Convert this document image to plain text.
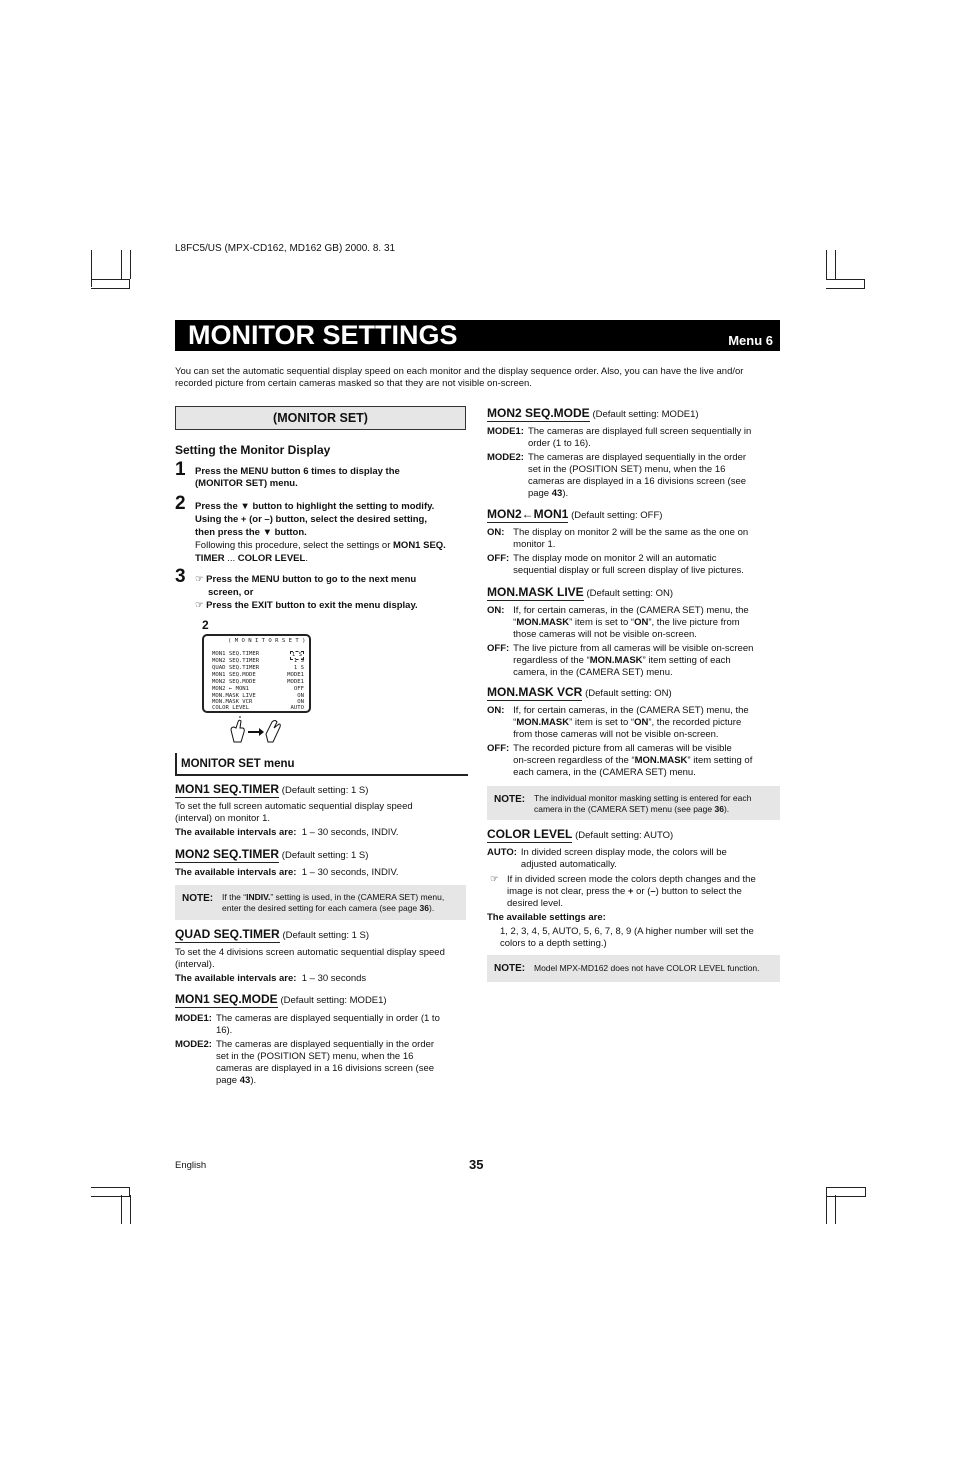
L8FC5/US (MPX-CD162, MD162 GB) 2000. 8. 31
MONITOR SETTINGS	Menu 6
You can set the automatic sequential display speed on each monitor and the display sequence order. Also, you can have the live and/or recorded picture from certain cameras masked so that they are not visible on-screen.
(MONITOR SET)
Setting the Monitor Display
1 Press the MENU button 6 times to display the
(MONITOR SET) menu.
2 Press the ▼ button to highlight the setting to modify.
Using the + (or –) button, select the desired setting,
then press the ▼ button.
Following this procedure, select the settings or MON1 SEQ.
TIMER ... COLOR LEVEL.
3 ☞ Press the MENU button to go to the next menu
screen, or
☞ Press the EXIT button to exit the menu display.
2
( M O N I T O R S E T )
MON1 SEQ.TIMER	1 S
MON2 SEQ.TIMER	1 S
QUAD SEQ.TIMER	1 S
MON1 SEQ.MODE	MODE1
MON2 SEQ.MODE	MODE1
MON2 ← MON1	OFF
MON.MASK LIVE	ON
MON.MASK VCR	ON
COLOR LEVEL	AUTO
MONITOR SET menu
MON1 SEQ.TIMER (Default setting: 1 S)
To set the full screen automatic sequential display speed
(interval) on monitor 1.
The available intervals are: 1 – 30 seconds, INDIV.
MON2 SEQ.TIMER (Default setting: 1 S)
The available intervals are: 1 – 30 seconds, INDIV.
NOTE: If the “INDIV.” setting is used, in the (CAMERA SET) menu,
enter the desired setting for each camera (see page 36).
QUAD SEQ.TIMER (Default setting: 1 S)
To set the 4 divisions screen automatic sequential display speed
(interval).
The available intervals are: 1 – 30 seconds
MON1 SEQ.MODE (Default setting: MODE1)
MODE1: The cameras are displayed sequentially in order (1 to
16).
MODE2: The cameras are displayed sequentially in the order
set in the (POSITION SET) menu, when the 16
cameras are displayed in a 16 divisions screen (see
page 43).
MON2 SEQ.MODE (Default setting: MODE1)
MODE1: The cameras are displayed full screen sequentially in
order (1 to 16).
MODE2: The cameras are displayed sequentially in the order
set in the (POSITION SET) menu, when the 16
cameras are displayed in a 16 divisions screen (see
page 43).
MON2←MON1 (Default setting: OFF)
ON: The display on monitor 2 will be the same as the one on
monitor 1.
OFF: The display mode on monitor 2 will an automatic
sequential display or full screen display of live pictures.
MON.MASK LIVE (Default setting: ON)
ON: If, for certain cameras, in the (CAMERA SET) menu, the
“MON.MASK” item is set to “ON”, the live picture from
those cameras will not be visible on-screen.
OFF: The live picture from all cameras will be visible on-screen
regardless of the “MON.MASK” item setting of each
camera, in the (CAMERA SET) menu.
MON.MASK VCR (Default setting: ON)
ON: If, for certain cameras, in the (CAMERA SET) menu, the
“MON.MASK” item is set to “ON”, the recorded picture
from those cameras will not be visible on-screen.
OFF: The recorded picture from all cameras will be visible
on-screen regardless of the “MON.MASK” item setting of
each camera, in the (CAMERA SET) menu.
NOTE: The individual monitor masking setting is entered for each
camera in the (CAMERA SET) menu (see page 36).
COLOR LEVEL (Default setting: AUTO)
AUTO: In divided screen display mode, the colors will be
adjusted automatically.
☞ If in divided screen mode the colors depth changes and the
image is not clear, press the + or (–) button to select the
desired level.
The available settings are:
1, 2, 3, 4, 5, AUTO, 5, 6, 7, 8, 9 (A higher number will set the
colors to a depth setting.)
NOTE: Model MPX-MD162 does not have COLOR LEVEL function.
English	35
